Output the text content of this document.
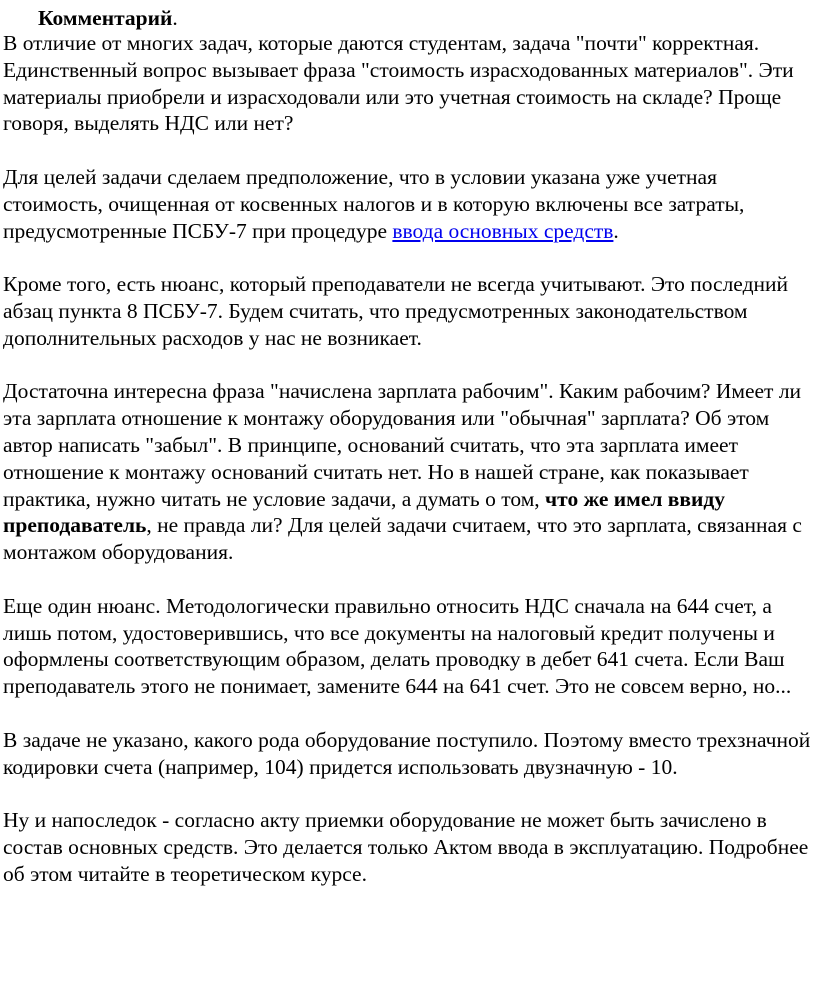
Комментарий.

В отличие от многих задач, которые даются студентам, задача "почти" корректная. Единственный вопрос вызывает фраза "стоимость израсходованных материалов". Эти материалы приобрели и израсходовали или это учетная стоимость на складе? Проще говоря, выделять НДС или нет?

Для целей задачи сделаем предположение, что в условии указана уже учетная стоимость, очищенная от косвенных налогов и в которую включены все затраты, предусмотренные ПСБУ-7 при процедуре ввода основных средств.

Кроме того, есть нюанс, который преподаватели не всегда учитывают. Это последний абзац пункта 8 ПСБУ-7. Будем считать, что предусмотренных законодательством дополнительных расходов у нас не возникает.

Достаточна интересна фраза "начислена зарплата рабочим". Каким рабочим? Имеет ли эта зарплата отношение к монтажу оборудования или "обычная" зарплата? Об этом автор написать "забыл". В принципе, оснований считать, что эта зарплата имеет отношение к монтажу оснований считать нет. Но в нашей стране, как показывает практика, нужно читать не условие задачи, а думать о том, что же имел ввиду преподаватель, не правда ли? Для целей задачи считаем, что это зарплата, связанная с монтажом оборудования.

Еще один нюанс. Методологически правильно относить НДС сначала на 644 счет, а лишь потом, удостоверившись, что все документы на налоговый кредит получены и оформлены соответствующим образом, делать проводку в дебет 641 счета. Если Ваш преподаватель этого не понимает, замените 644 на 641 счет. Это не совсем верно, но...

В задаче не указано, какого рода оборудование поступило. Поэтому вместо трехзначной кодировки счета (например, 104) придется использовать двузначную - 10.

Ну и напоследок - согласно акту приемки оборудование не может быть зачислено в состав основных средств. Это делается только Актом ввода в эксплуатацию. Подробнее об этом читайте в теоретическом курсе.
